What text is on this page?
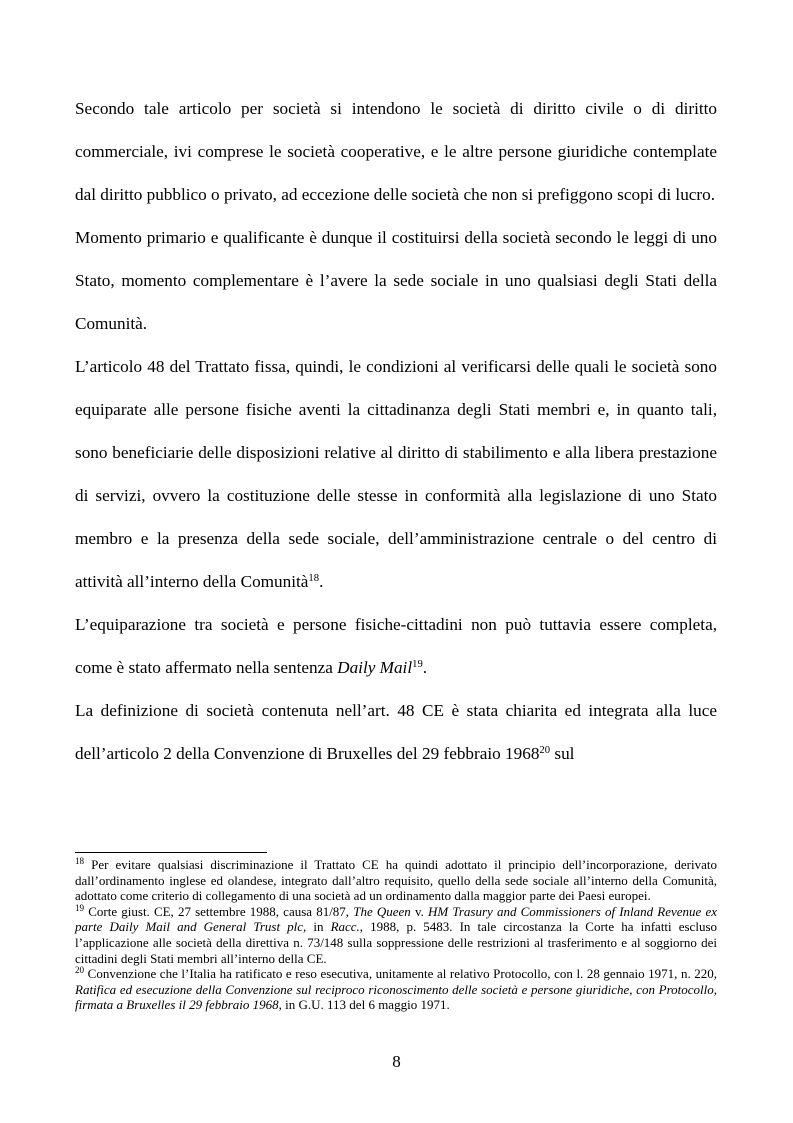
Secondo tale articolo per società si intendono le società di diritto civile o di diritto commerciale, ivi comprese le società cooperative, e le altre persone giuridiche contemplate dal diritto pubblico o privato, ad eccezione delle società che non si prefiggono scopi di lucro.

Momento primario e qualificante è dunque il costituirsi della società secondo le leggi di uno Stato, momento complementare è l’avere la sede sociale in uno qualsiasi degli Stati della Comunità.

L’articolo 48 del Trattato fissa, quindi, le condizioni al verificarsi delle quali le società sono equiparate alle persone fisiche aventi la cittadinanza degli Stati membri e, in quanto tali, sono beneficiarie delle disposizioni relative al diritto di stabilimento e alla libera prestazione di servizi, ovvero la costituzione delle stesse in conformità alla legislazione di uno Stato membro e la presenza della sede sociale, dell’amministrazione centrale o del centro di attività all’interno della Comunità$^{18}$.

L’equiparazione tra società e persone fisiche-cittadini non può tuttavia essere completa, come è stato affermato nella sentenza Daily Mail$^{19}$.

La definizione di società contenuta nell’art. 48 CE è stata chiarita ed integrata alla luce dell’articolo 2 della Convenzione di Bruxelles del 29 febbraio 1968$^{20}$ sul

$^{18}$ Per evitare qualsiasi discriminazione il Trattato CE ha quindi adottato il principio dell’incorporazione, derivato dall’ordinamento inglese ed olandese, integrato dall’altro requisito, quello della sede sociale all’interno della Comunità, adottato come criterio di collegamento di una società ad un ordinamento dalla maggior parte dei Paesi europei.

$^{19}$ Corte giust. CE, 27 settembre 1988, causa 81/87, The Queen v. HM Trasury and Commissioners of Inland Revenue ex parte Daily Mail and General Trust plc, in Racc., 1988, p. 5483. In tale circostanza la Corte ha infatti escluso l’applicazione alle società della direttiva n. 73/148 sulla soppressione delle restrizioni al trasferimento e al soggiorno dei cittadini degli Stati membri all’interno della CE.

$^{20}$ Convenzione che l’Italia ha ratificato e reso esecutiva, unitamente al relativo Protocollo, con l. 28 gennaio 1971, n. 220, Ratifica ed esecuzione della Convenzione sul reciproco riconoscimento delle società e persone giuridiche, con Protocollo, firmata a Bruxelles il 29 febbraio 1968, in G.U. 113 del 6 maggio 1971.

8
